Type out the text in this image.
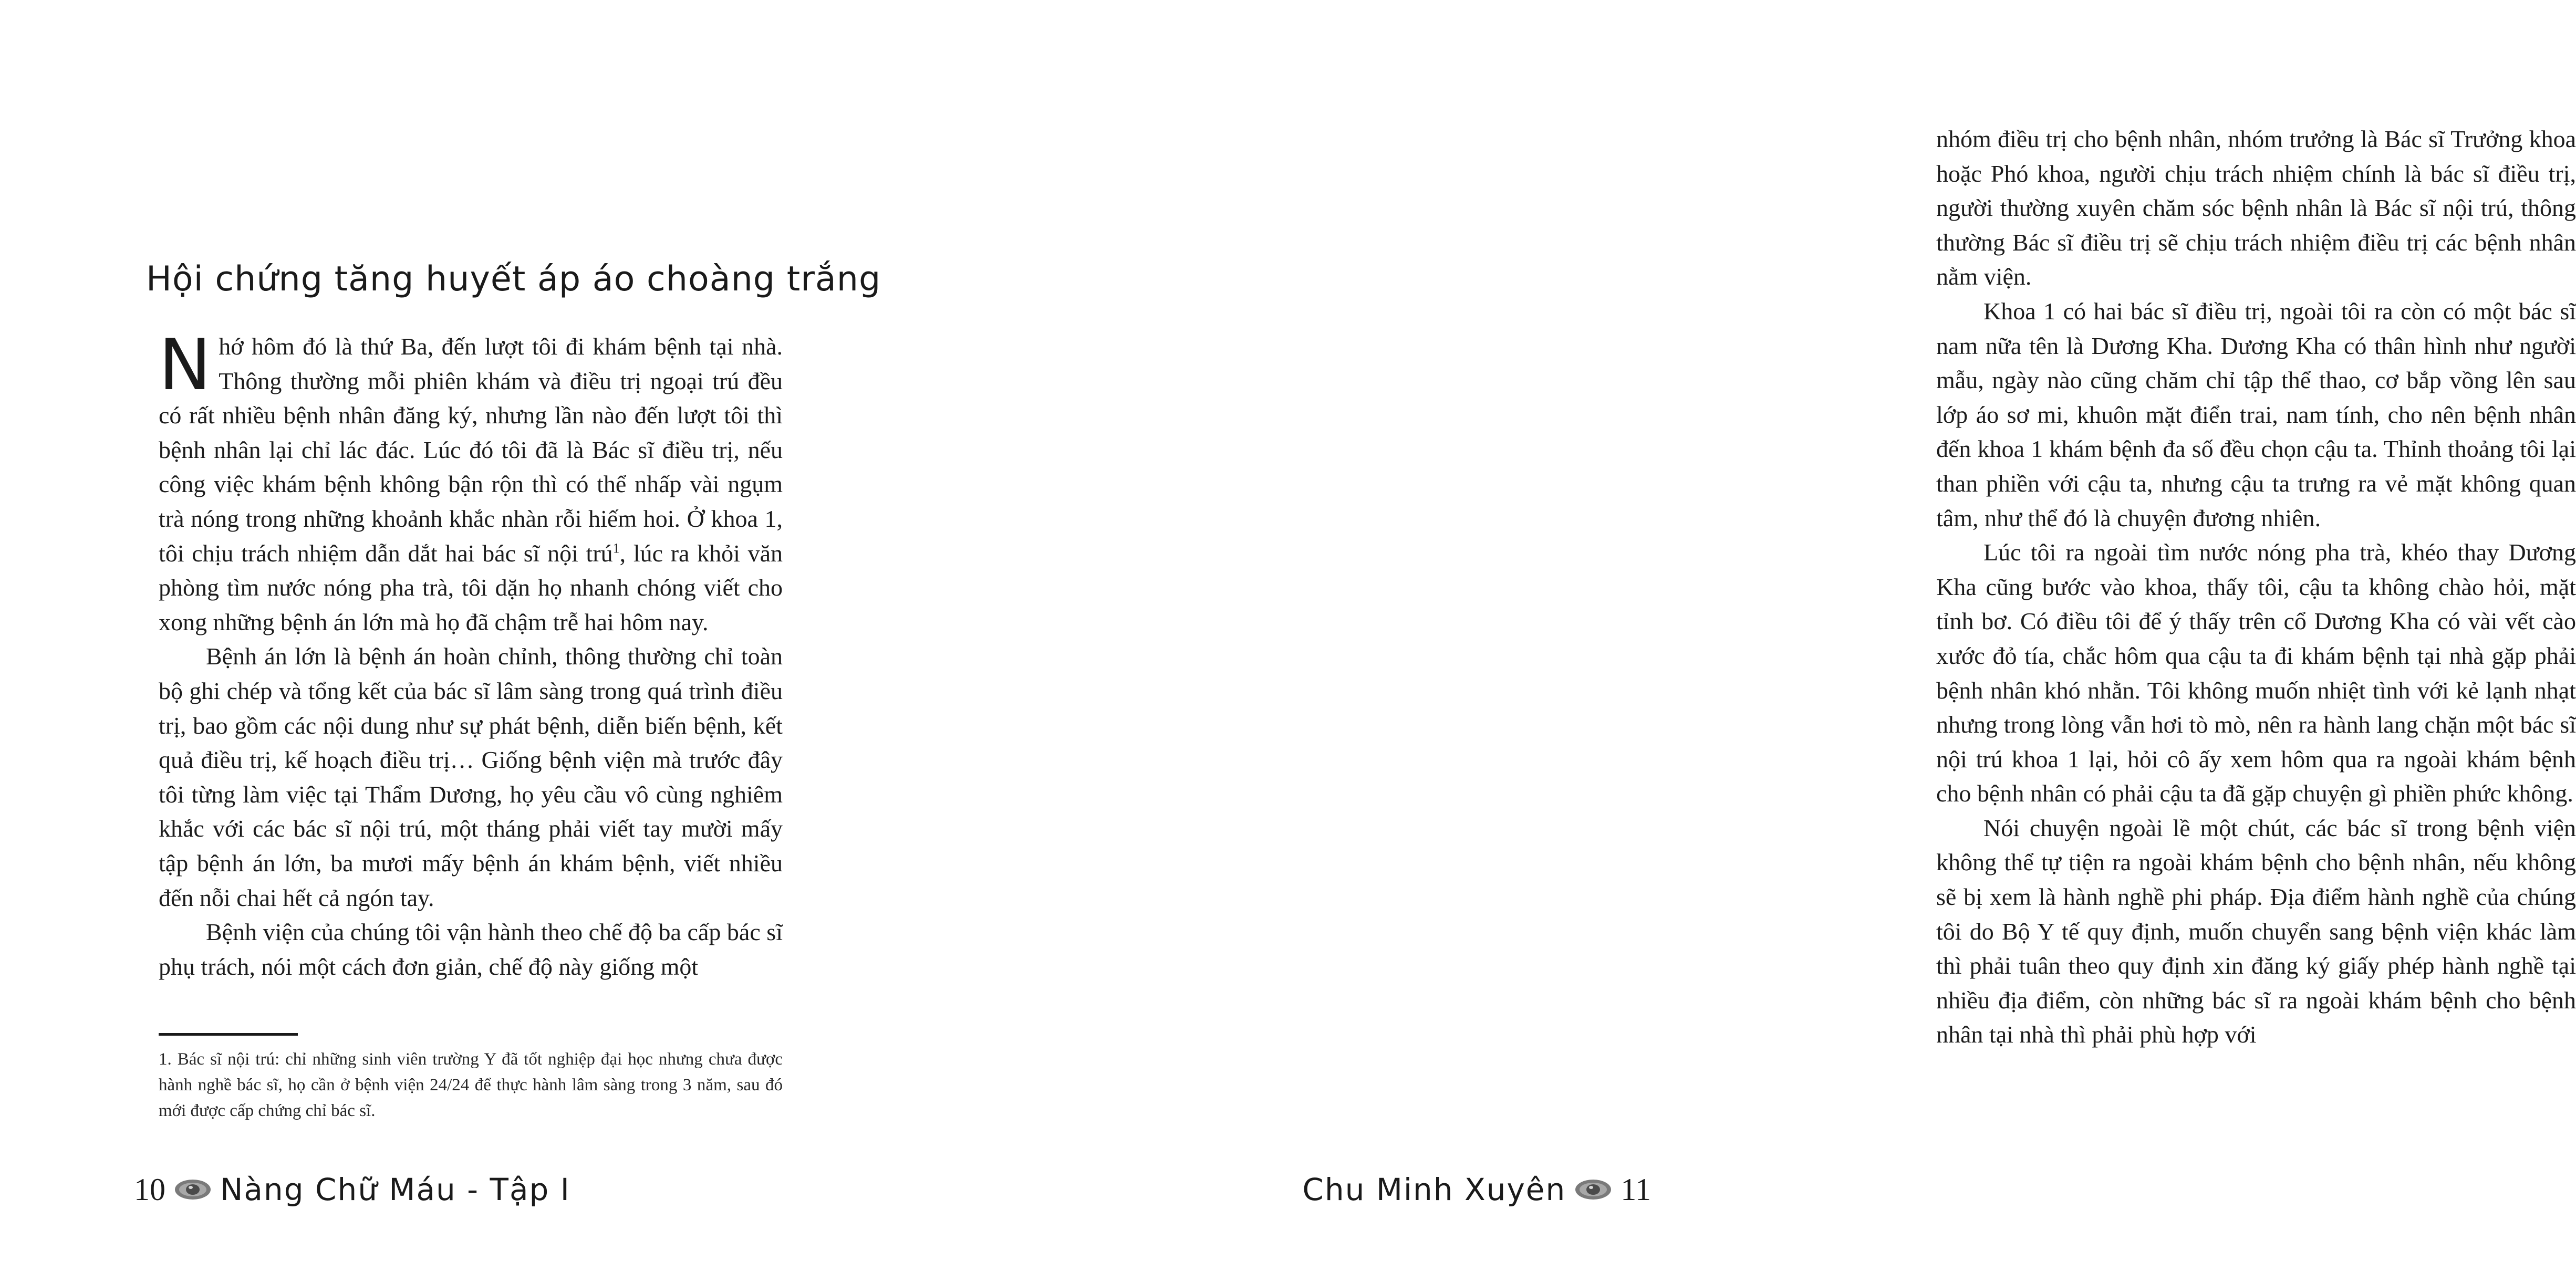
Hội chứng tăng huyết áp áo choàng trắng

Nhớ hôm đó là thứ Ba, đến lượt tôi đi khám bệnh tại nhà. Thông thường mỗi phiên khám và điều trị ngoại trú đều có rất nhiều bệnh nhân đăng ký, nhưng lần nào đến lượt tôi thì bệnh nhân lại chỉ lác đác. Lúc đó tôi đã là Bác sĩ điều trị, nếu công việc khám bệnh không bận rộn thì có thể nhấp vài ngụm trà nóng trong những khoảnh khắc nhàn rỗi hiếm hoi. Ở khoa 1, tôi chịu trách nhiệm dẫn dắt hai bác sĩ nội trú$^1$, lúc ra khỏi văn phòng tìm nước nóng pha trà, tôi dặn họ nhanh chóng viết cho xong những bệnh án lớn mà họ đã chậm trễ hai hôm nay.

Bệnh án lớn là bệnh án hoàn chỉnh, thông thường chỉ toàn bộ ghi chép và tổng kết của bác sĩ lâm sàng trong quá trình điều trị, bao gồm các nội dung như sự phát bệnh, diễn biến bệnh, kết quả điều trị, kế hoạch điều trị… Giống bệnh viện mà trước đây tôi từng làm việc tại Thẩm Dương, họ yêu cầu vô cùng nghiêm khắc với các bác sĩ nội trú, một tháng phải viết tay mười mấy tập bệnh án lớn, ba mươi mấy bệnh án khám bệnh, viết nhiều đến nỗi chai hết cả ngón tay.

Bệnh viện của chúng tôi vận hành theo chế độ ba cấp bác sĩ phụ trách, nói một cách đơn giản, chế độ này giống một

1. Bác sĩ nội trú: chỉ những sinh viên trường Y đã tốt nghiệp đại học nhưng chưa được hành nghề bác sĩ, họ cần ở bệnh viện 24/24 để thực hành lâm sàng trong 3 năm, sau đó mới được cấp chứng chỉ bác sĩ.

10 Nàng Chữ Máu - Tập I

nhóm điều trị cho bệnh nhân, nhóm trưởng là Bác sĩ Trưởng khoa hoặc Phó khoa, người chịu trách nhiệm chính là bác sĩ điều trị, người thường xuyên chăm sóc bệnh nhân là Bác sĩ nội trú, thông thường Bác sĩ điều trị sẽ chịu trách nhiệm điều trị các bệnh nhân nằm viện.

Khoa 1 có hai bác sĩ điều trị, ngoài tôi ra còn có một bác sĩ nam nữa tên là Dương Kha. Dương Kha có thân hình như người mẫu, ngày nào cũng chăm chỉ tập thể thao, cơ bắp vồng lên sau lớp áo sơ mi, khuôn mặt điển trai, nam tính, cho nên bệnh nhân đến khoa 1 khám bệnh đa số đều chọn cậu ta. Thỉnh thoảng tôi lại than phiền với cậu ta, nhưng cậu ta trưng ra vẻ mặt không quan tâm, như thể đó là chuyện đương nhiên.

Lúc tôi ra ngoài tìm nước nóng pha trà, khéo thay Dương Kha cũng bước vào khoa, thấy tôi, cậu ta không chào hỏi, mặt tỉnh bơ. Có điều tôi để ý thấy trên cổ Dương Kha có vài vết cào xước đỏ tía, chắc hôm qua cậu ta đi khám bệnh tại nhà gặp phải bệnh nhân khó nhằn. Tôi không muốn nhiệt tình với kẻ lạnh nhạt nhưng trong lòng vẫn hơi tò mò, nên ra hành lang chặn một bác sĩ nội trú khoa 1 lại, hỏi cô ấy xem hôm qua ra ngoài khám bệnh cho bệnh nhân có phải cậu ta đã gặp chuyện gì phiền phức không.

Nói chuyện ngoài lề một chút, các bác sĩ trong bệnh viện không thể tự tiện ra ngoài khám bệnh cho bệnh nhân, nếu không sẽ bị xem là hành nghề phi pháp. Địa điểm hành nghề của chúng tôi do Bộ Y tế quy định, muốn chuyển sang bệnh viện khác làm thì phải tuân theo quy định xin đăng ký giấy phép hành nghề tại nhiều địa điểm, còn những bác sĩ ra ngoài khám bệnh cho bệnh nhân tại nhà thì phải phù hợp với

Chu Minh Xuyên 11
